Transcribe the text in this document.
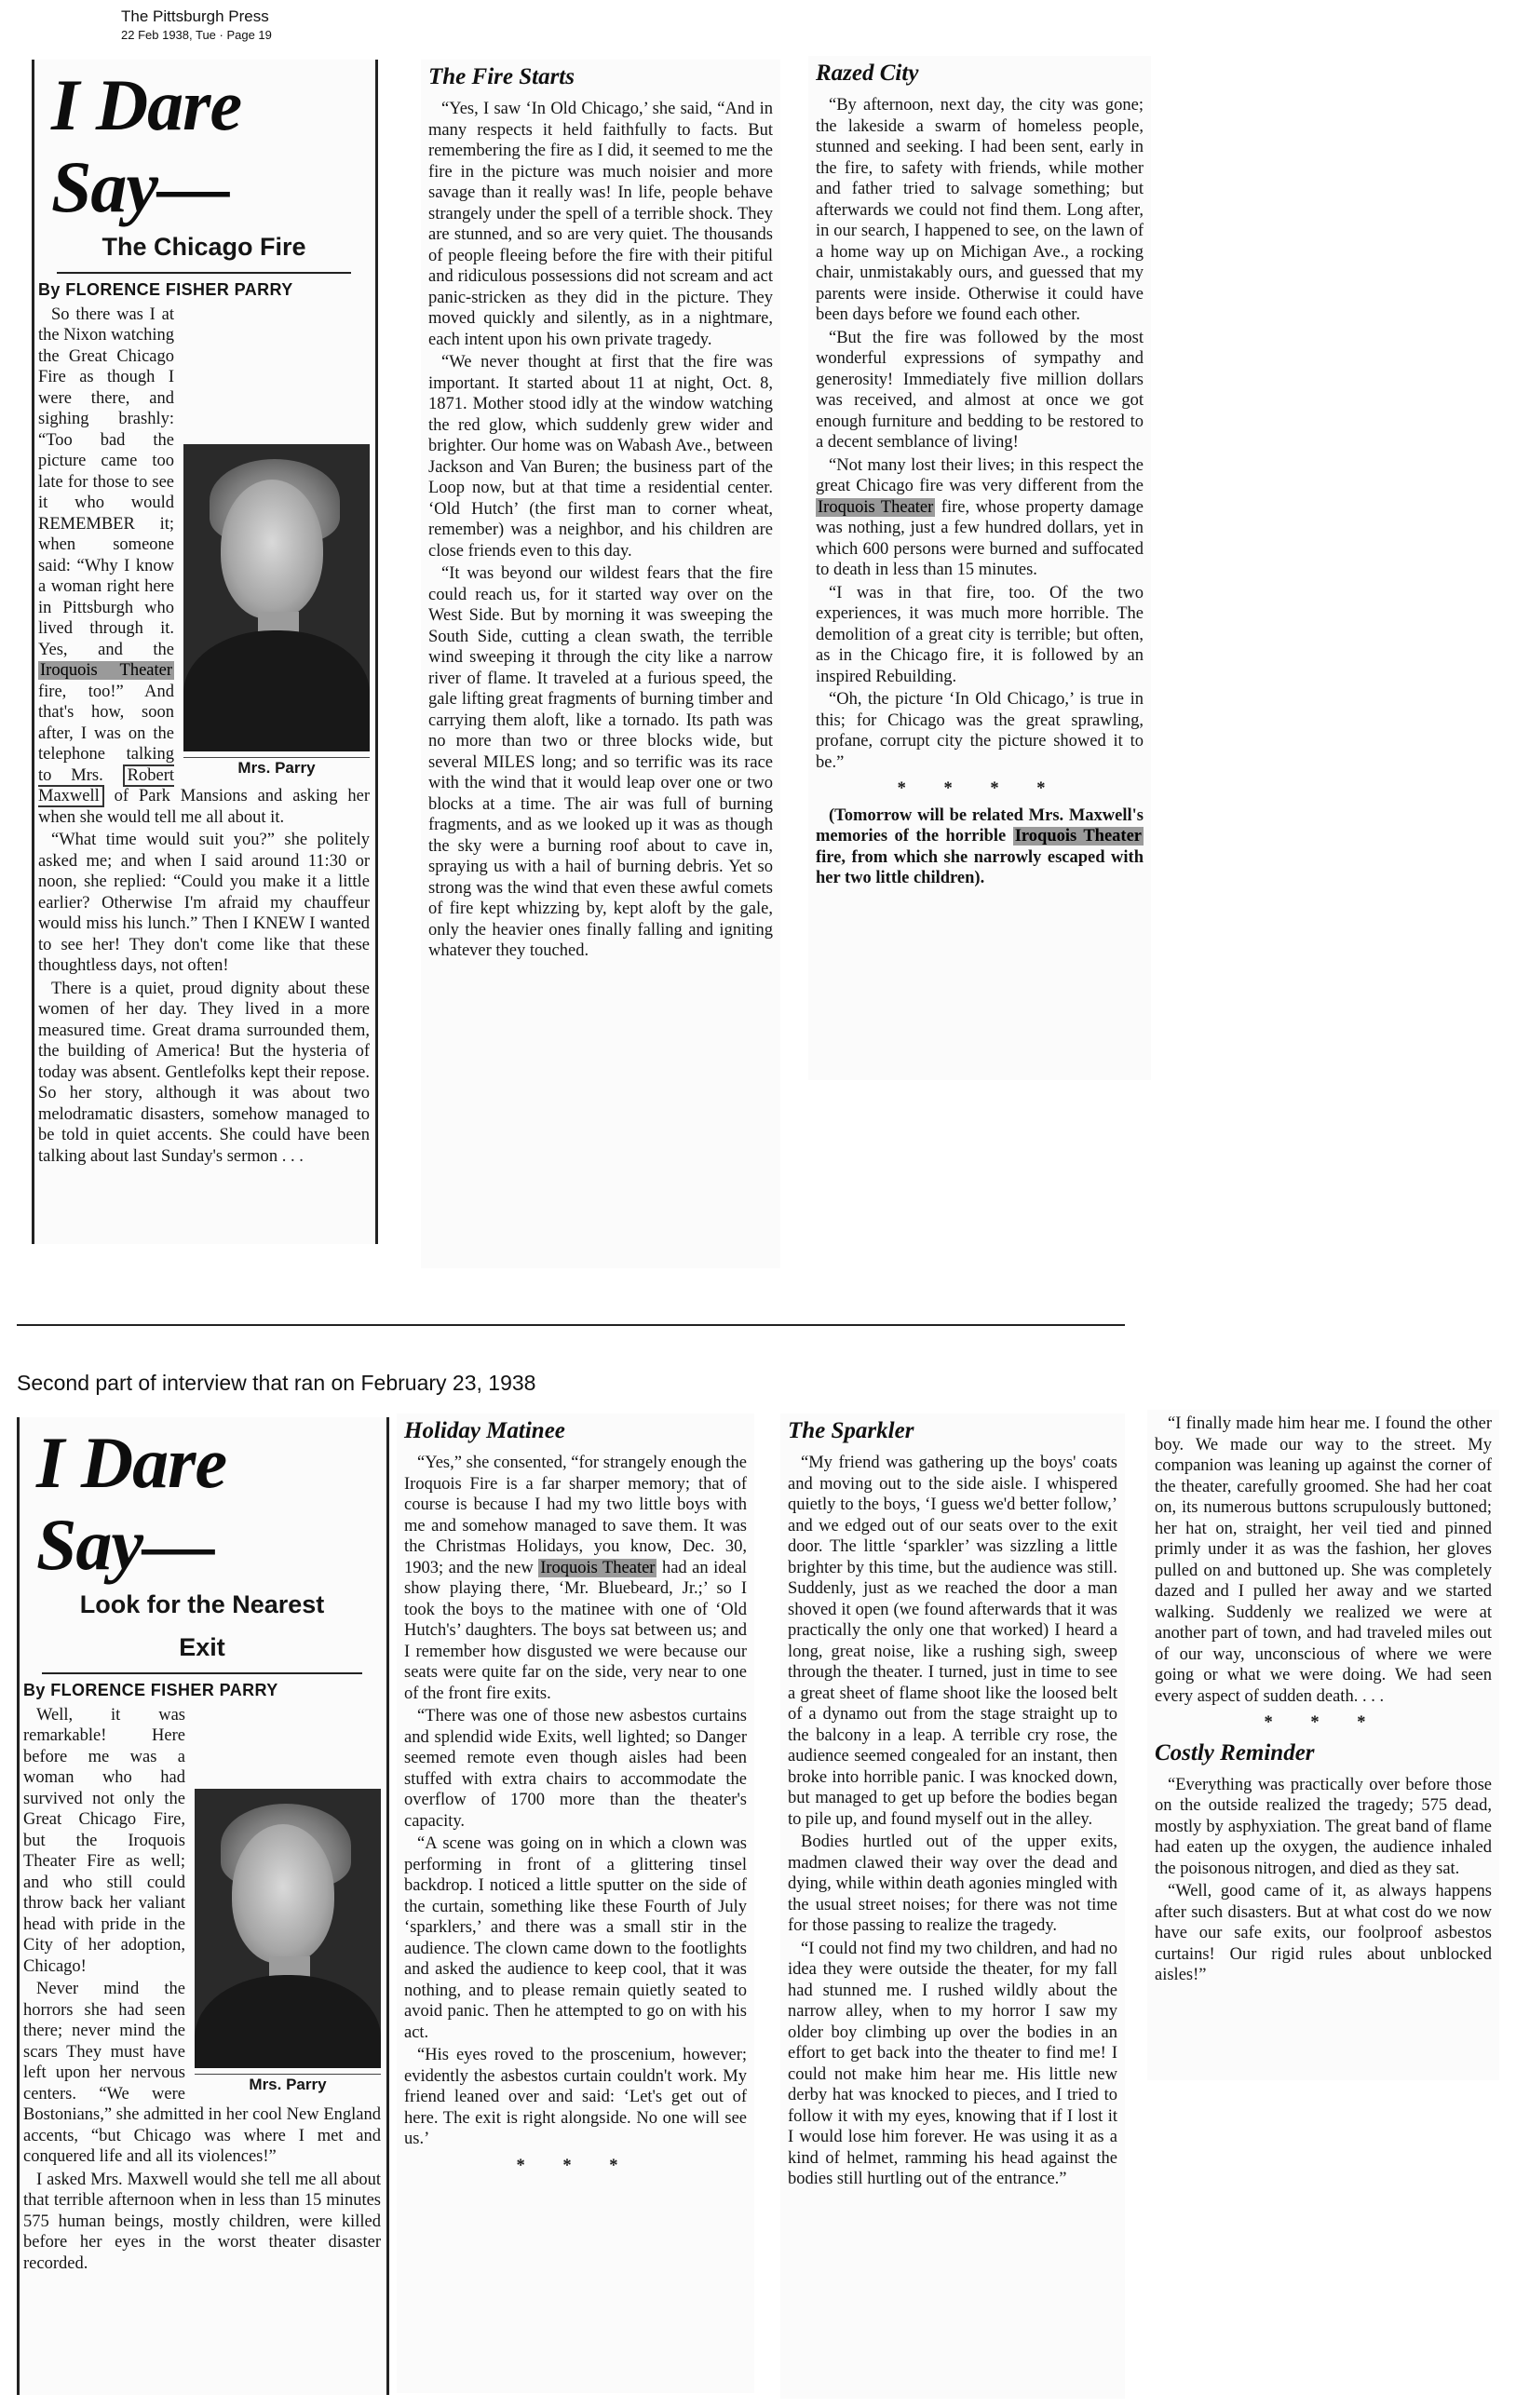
The Pittsburgh Press
22 Feb 1938, Tue · Page 19
I Dare
Say—
The Chicago Fire
By FLORENCE FISHER PARRY
Mrs. Parry

So there was I at the Nixon watching the Great Chicago Fire as though I were there, and sighing brashly: “Too bad the picture came too late for those to see it who would REMEMBER it; when someone said: “Why I know a woman right here in Pittsburgh who lived through it. Yes, and the Iroquois Theater fire, too!” And that's how, soon after, I was on the telephone talking to Mrs. Robert Maxwell of Park Mansions and asking her when she would tell me all about it.

“What time would suit you?” she politely asked me; and when I said around 11:30 or noon, she replied: “Could you make it a little earlier? Otherwise I'm afraid my chauffeur would miss his lunch.” Then I KNEW I wanted to see her! They don't come like that these thoughtless days, not often!

There is a quiet, proud dignity about these women of her day. They lived in a more measured time. Great drama surrounded them, the building of America! But the hysteria of today was absent. Gentlefolks kept their repose. So her story, although it was about two melodramatic disasters, somehow managed to be told in quiet accents. She could have been talking about last Sunday's sermon . . .

The Fire Starts

“Yes, I saw ‘In Old Chicago,’ she said, “And in many respects it held faithfully to facts. But remembering the fire as I did, it seemed to me the fire in the picture was much noisier and more savage than it really was! In life, people behave strangely under the spell of a terrible shock. They are stunned, and so are very quiet. The thousands of people fleeing before the fire with their pitiful and ridiculous possessions did not scream and act panic-stricken as they did in the picture. They moved quickly and silently, as in a nightmare, each intent upon his own private tragedy.

“We never thought at first that the fire was important. It started about 11 at night, Oct. 8, 1871. Mother stood idly at the window watching the red glow, which suddenly grew wider and brighter. Our home was on Wabash Ave., between Jackson and Van Buren; the business part of the Loop now, but at that time a residential center. ‘Old Hutch’ (the first man to corner wheat, remember) was a neighbor, and his children are close friends even to this day.

“It was beyond our wildest fears that the fire could reach us, for it started way over on the West Side. But by morning it was sweeping the South Side, cutting a clean swath, the terrible wind sweeping it through the city like a narrow river of flame. It traveled at a furious speed, the gale lifting great fragments of burning timber and carrying them aloft, like a tornado. Its path was no more than two or three blocks wide, but several MILES long; and so terrific was its race with the wind that it would leap over one or two blocks at a time. The air was full of burning fragments, and as we looked up it was as though the sky were a burning roof about to cave in, spraying us with a hail of burning debris. Yet so strong was the wind that even these awful comets of fire kept whizzing by, kept aloft by the gale, only the heavier ones finally falling and igniting whatever they touched.

Razed City

“By afternoon, next day, the city was gone; the lakeside a swarm of homeless people, stunned and seeking. I had been sent, early in the fire, to safety with friends, while mother and father tried to salvage something; but afterwards we could not find them. Long after, in our search, I happened to see, on the lawn of a home way up on Michigan Ave., a rocking chair, unmistakably ours, and guessed that my parents were inside. Otherwise it could have been days before we found each other.

“But the fire was followed by the most wonderful expressions of sympathy and generosity! Immediately five million dollars was received, and almost at once we got enough furniture and bedding to be restored to a decent semblance of living!

“Not many lost their lives; in this respect the great Chicago fire was very different from the Iroquois Theater fire, whose property damage was nothing, just a few hundred dollars, yet in which 600 persons were burned and suffocated to death in less than 15 minutes.

“I was in that fire, too. Of the two experiences, it was much more horrible. The demolition of a great city is terrible; but often, as in the Chicago fire, it is followed by an inspired Rebuilding.

“Oh, the picture ‘In Old Chicago,’ is true in this; for Chicago was the great sprawling, profane, corrupt city the picture showed it to be.”

* * * *

(Tomorrow will be related Mrs. Maxwell's memories of the horrible Iroquois Theater fire, from which she narrowly escaped with her two little children).

Second part of interview that ran on February 23, 1938
I Dare
Say—
Look for the Nearest
Exit
By FLORENCE FISHER PARRY
Mrs. Parry

Well, it was remarkable! Here before me was a woman who had survived not only the Great Chicago Fire, but the Iroquois Theater Fire as well; and who still could throw back her valiant head with pride in the City of her adoption, Chicago!

Never mind the horrors she had seen there; never mind the scars They must have left upon her nervous centers. “We were Bostonians,” she admitted in her cool New England accents, “but Chicago was where I met and conquered life and all its violences!”

I asked Mrs. Maxwell would she tell me all about that terrible afternoon when in less than 15 minutes 575 human beings, mostly children, were killed before her eyes in the worst theater disaster recorded.

Holiday Matinee

“Yes,” she consented, “for strangely enough the Iroquois Fire is a far sharper memory; that of course is because I had my two little boys with me and somehow managed to save them. It was the Christmas Holidays, you know, Dec. 30, 1903; and the new Iroquois Theater had an ideal show playing there, ‘Mr. Bluebeard, Jr.;’ so I took the boys to the matinee with one of ‘Old Hutch's’ daughters. The boys sat between us; and I remember how disgusted we were because our seats were quite far on the side, very near to one of the front fire exits.

“There was one of those new asbestos curtains and splendid wide Exits, well lighted; so Danger seemed remote even though aisles had been stuffed with extra chairs to accommodate the overflow of 1700 more than the theater's capacity.

“A scene was going on in which a clown was performing in front of a glittering tinsel backdrop. I noticed a little sputter on the side of the curtain, something like these Fourth of July ‘sparklers,’ and there was a small stir in the audience. The clown came down to the footlights and asked the audience to keep cool, that it was nothing, and to please remain quietly seated to avoid panic. Then he attempted to go on with his act.

“His eyes roved to the proscenium, however; evidently the asbestos curtain couldn't work. My friend leaned over and said: ‘Let's get out of here. The exit is right alongside. No one will see us.’

* * *
The Sparkler

“My friend was gathering up the boys' coats and moving out to the side aisle. I whispered quietly to the boys, ‘I guess we'd better follow,’ and we edged out of our seats over to the exit door. The little ‘sparkler’ was sizzling a little brighter by this time, but the audience was still. Suddenly, just as we reached the door a man shoved it open (we found afterwards that it was practically the only one that worked) I heard a long, great noise, like a rushing sigh, sweep through the theater. I turned, just in time to see a great sheet of flame shoot like the loosed belt of a dynamo out from the stage straight up to the balcony in a leap. A terrible cry rose, the audience seemed congealed for an instant, then broke into horrible panic. I was knocked down, but managed to get up before the bodies began to pile up, and found myself out in the alley.

Bodies hurtled out of the upper exits, madmen clawed their way over the dead and dying, while within death agonies mingled with the usual street noises; for there was not time for those passing to realize the tragedy.

“I could not find my two children, and had no idea they were outside the theater, for my fall had stunned me. I rushed wildly about the narrow alley, when to my horror I saw my older boy climbing up over the bodies in an effort to get back into the theater to find me! I could not make him hear me. His little new derby hat was knocked to pieces, and I tried to follow it with my eyes, knowing that if I lost it I would lose him forever. He was using it as a kind of helmet, ramming his head against the bodies still hurtling out of the entrance.”

“I finally made him hear me. I found the other boy. We made our way to the street. My companion was leaning up against the corner of the theater, carefully groomed. She had her coat on, its numerous buttons scrupulously buttoned; her hat on, straight, her veil tied and pinned primly under it as was the fashion, her gloves pulled on and buttoned up. She was completely dazed and I pulled her away and we started walking. Suddenly we realized we were at another part of town, and had traveled miles out of our way, unconscious of where we were going or what we were doing. We had seen every aspect of sudden death. . . .

* * *
Costly Reminder

“Everything was practically over before those on the outside realized the tragedy; 575 dead, mostly by asphyxiation. The great band of flame had eaten up the oxygen, the audience inhaled the poisonous nitrogen, and died as they sat.

“Well, good came of it, as always happens after such disasters. But at what cost do we now have our safe exits, our foolproof asbestos curtains! Our rigid rules about unblocked aisles!”
